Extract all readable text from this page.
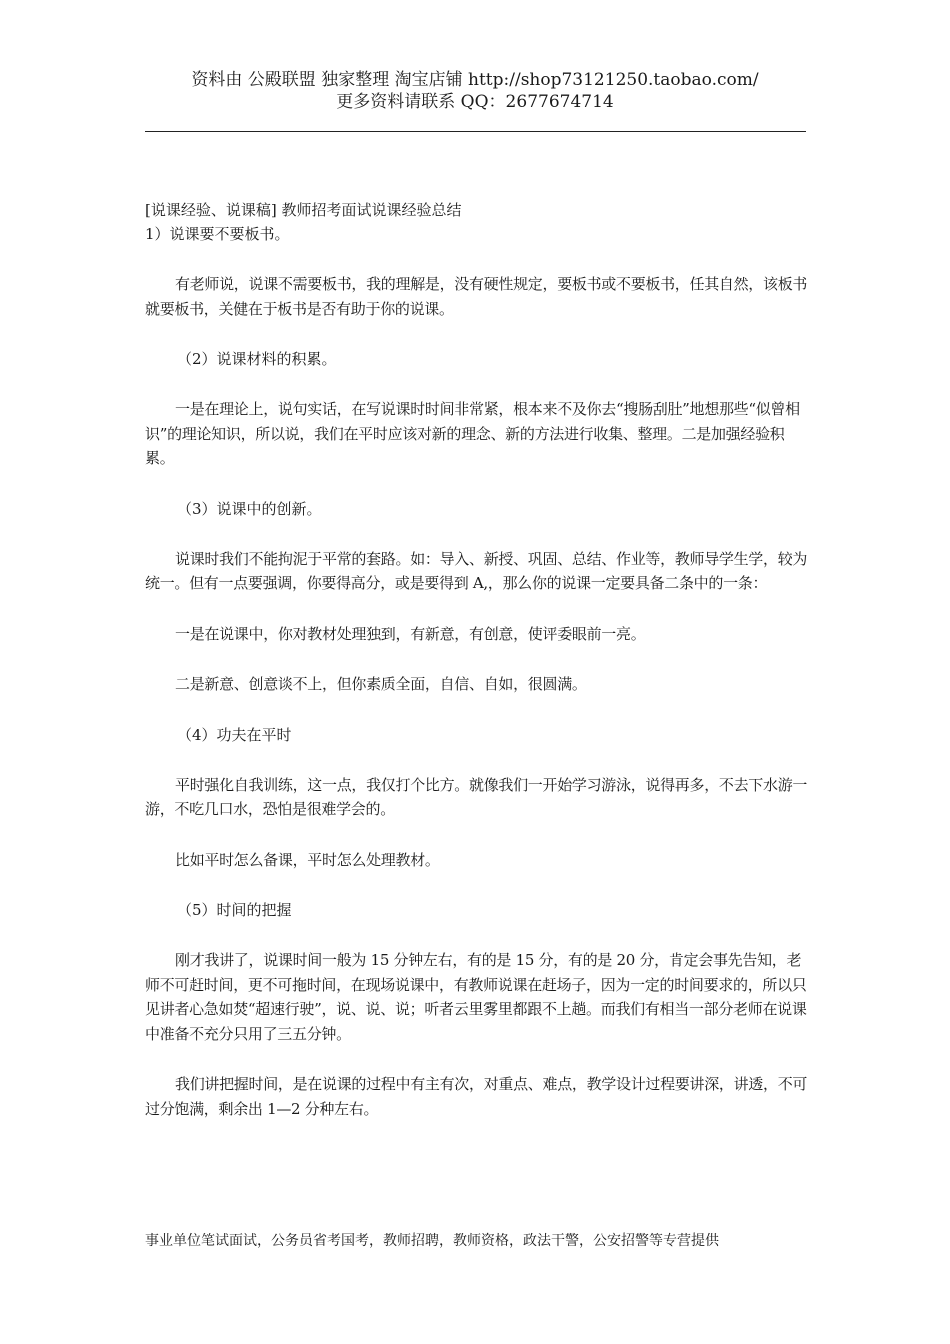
资料由 公殿联盟 独家整理 淘宝店铺 http://shop73121250.taobao.com/
更多资料请联系 QQ：2677674714

[说课经验、说课稿] 教师招考面试说课经验总结

1）说课要不要板书。

有老师说，说课不需要板书，我的理解是，没有硬性规定，要板书或不要板书，任其自然，该板书就要板书，关健在于板书是否有助于你的说课。

（2）说课材料的积累。

一是在理论上，说句实话，在写说课时时间非常紧，根本来不及你去“搜肠刮肚”地想那些“似曾相识”的理论知识，所以说，我们在平时应该对新的理念、新的方法进行收集、整理。二是加强经验积累。

（3）说课中的创新。

说课时我们不能拘泥于平常的套路。如：导入、新授、巩固、总结、作业等，教师导学生学，较为统一。但有一点要强调，你要得高分，或是要得到 A,，那么你的说课一定要具备二条中的一条：

一是在说课中，你对教材处理独到，有新意，有创意，使评委眼前一亮。

二是新意、创意谈不上，但你素质全面，自信、自如，很圆满。

（4）功夫在平时

平时强化自我训练，这一点，我仅打个比方。就像我们一开始学习游泳，说得再多，不去下水游一游，不吃几口水，恐怕是很难学会的。

比如平时怎么备课，平时怎么处理教材。

（5）时间的把握

刚才我讲了，说课时间一般为 15 分钟左右，有的是 15 分，有的是 20 分，肯定会事先告知，老师不可赶时间，更不可拖时间，在现场说课中，有教师说课在赶场子，因为一定的时间要求的，所以只见讲者心急如焚“超速行驶”，说、说、说；听者云里雾里都跟不上趟。而我们有相当一部分老师在说课中准备不充分只用了三五分钟。

我们讲把握时间，是在说课的过程中有主有次，对重点、难点，教学设计过程要讲深，讲透，不可过分饱满，剩余出 1—2 分种左右。

事业单位笔试面试，公务员省考国考，教师招聘，教师资格，政法干警，公安招警等专营提供
